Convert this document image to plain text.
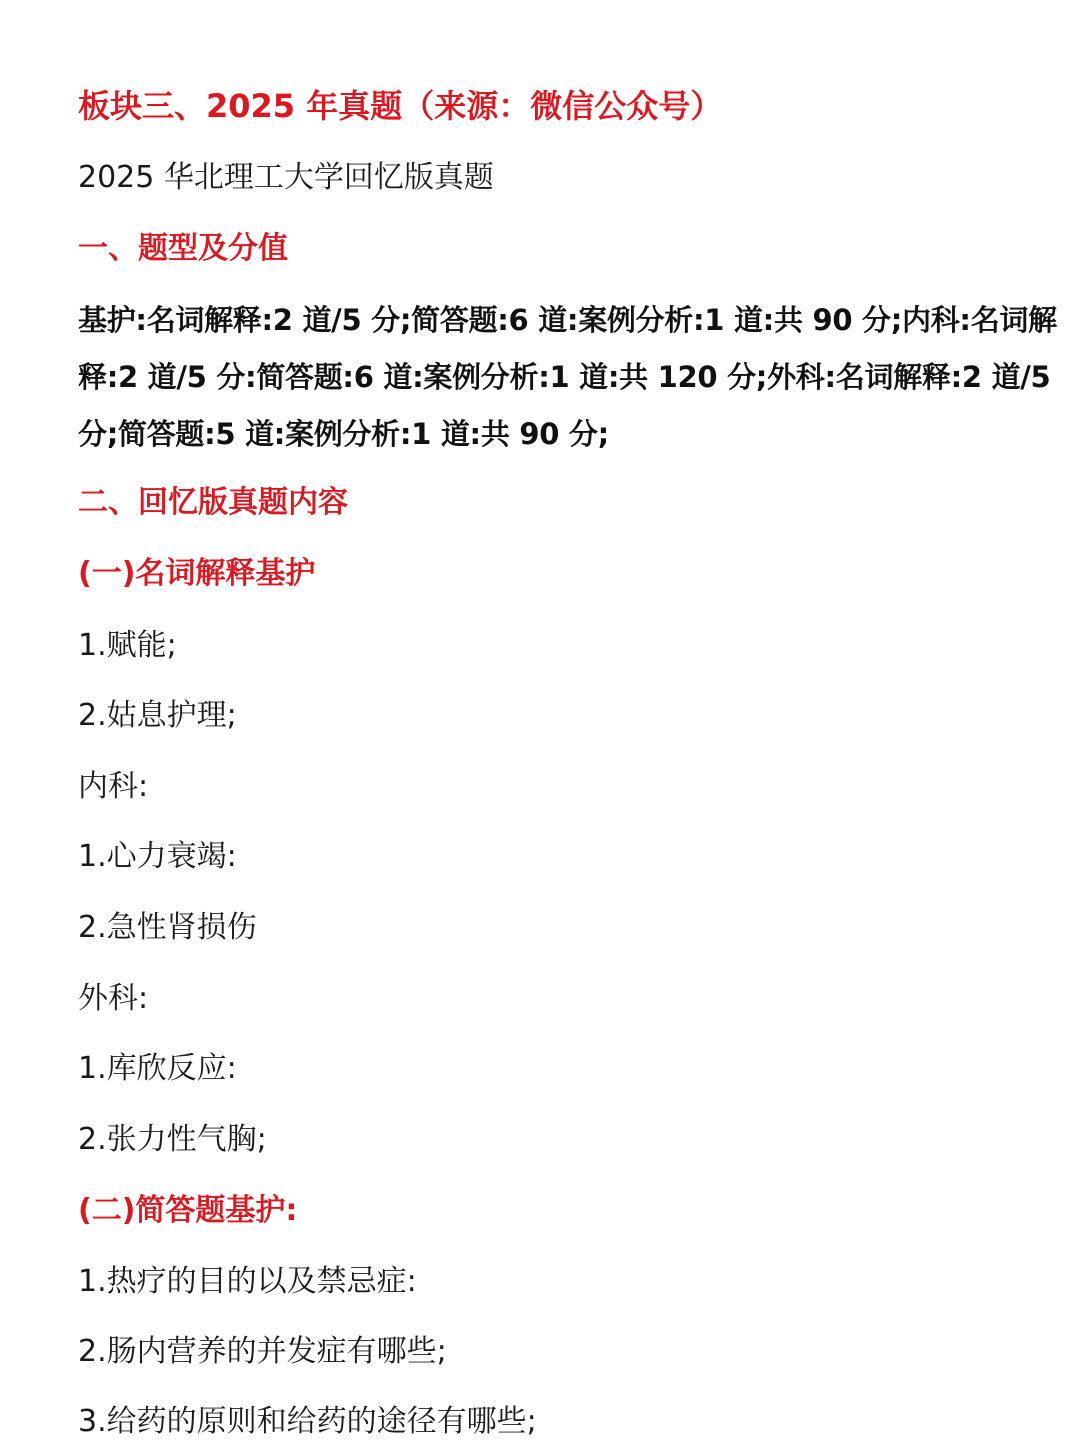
板块三、2025 年真题（来源：微信公众号）
2025 华北理工大学回忆版真题
一、题型及分值
基护:名词解释:2 道/5 分;简答题:6 道:案例分析:1 道:共 90 分;内科:名词解
释:2 道/5 分:简答题:6 道:案例分析:1 道:共 120 分;外科:名词解释:2 道/5
分;简答题:5 道:案例分析:1 道:共 90 分;
二、回忆版真题内容
(一)名词解释基护
1.赋能;
2.姑息护理;
内科:
1.心力衰竭:
2.急性肾损伤
外科:
1.库欣反应:
2.张力性气胸;
(二)简答题基护:
1.热疗的目的以及禁忌症:
2.肠内营养的并发症有哪些;
3.给药的原则和给药的途径有哪些;
